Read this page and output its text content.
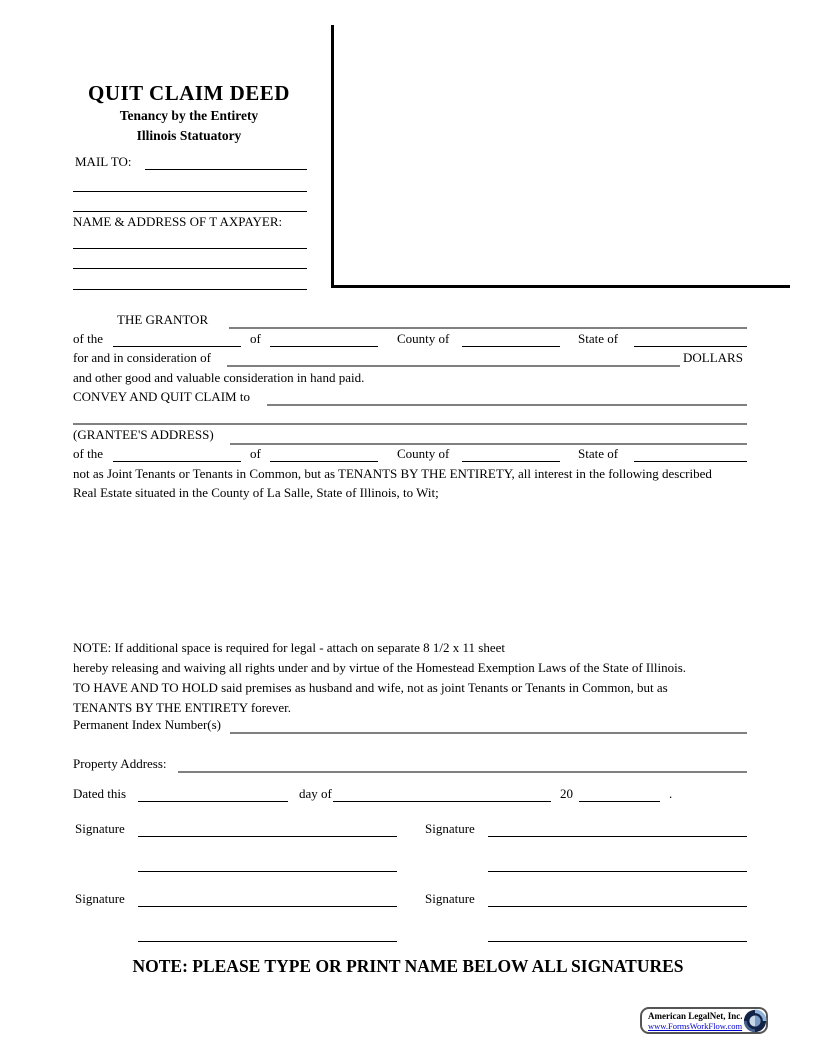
QUIT CLAIM DEED
Tenancy by the Entirety
Illinois Statuatory
MAIL TO:
NAME & ADDRESS OF T AXPAYER:
THE GRANTOR
of the	of	County of	State of
for and in consideration of	DOLLARS
and other good and valuable consideration in hand paid.
CONVEY AND QUIT CLAIM to
(GRANTEE'S ADDRESS)
of the	of	County of	State of
not as Joint Tenants or Tenants in Common, but as TENANTS BY THE ENTIRETY, all interest in the following described
Real Estate situated in the County of La Salle, State of Illinois, to Wit;
NOTE: If additional space is required for legal - attach on separate 8 1/2 x 11 sheet
hereby releasing and waiving all rights under and by virtue of the Homestead Exemption Laws of the State of Illinois.
TO HAVE AND TO HOLD said premises as husband and wife, not as joint Tenants or Tenants in Common, but as
TENANTS BY THE ENTIRETY forever.
Permanent Index Number(s)
Property Address:
Dated this	day of	20	.
Signature	Signature
Signature	Signature
NOTE: PLEASE TYPE OR PRINT NAME BELOW ALL SIGNATURES
American LegalNet, Inc.
www.FormsWorkFlow.com
